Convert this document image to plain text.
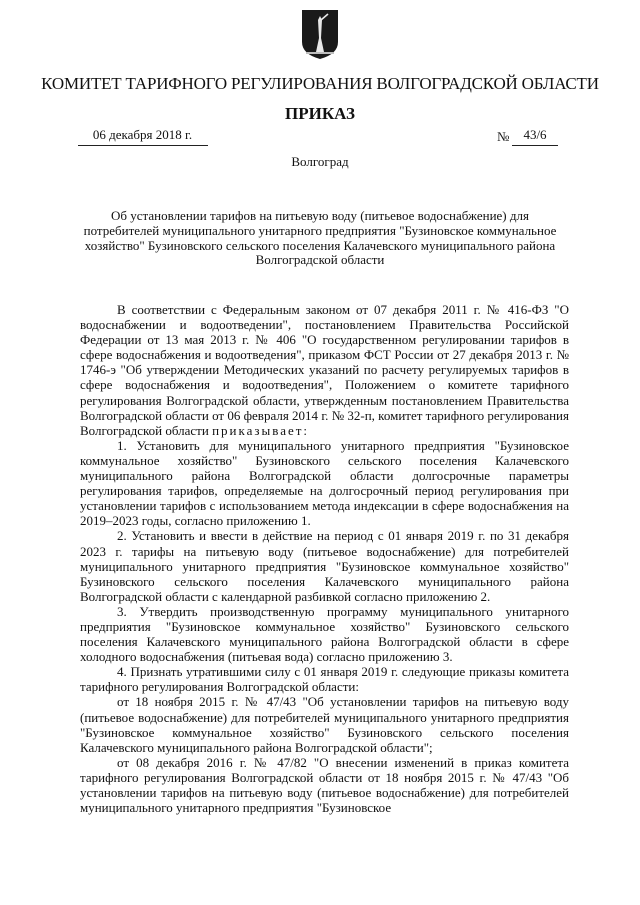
КОМИТЕТ ТАРИФНОГО РЕГУЛИРОВАНИЯ ВОЛГОГРАДСКОЙ ОБЛАСТИ
ПРИКАЗ
06 декабря 2018 г.	№	43/6
Волгоград
Об установлении тарифов на питьевую воду (питьевое водоснабжение) для потребителей муниципального унитарного предприятия "Бузиновское коммунальное хозяйство" Бузиновского сельского поселения Калачевского муниципального района Волгоградской области

В соответствии с Федеральным законом от 07 декабря 2011 г. № 416-ФЗ "О водоснабжении и водоотведении", постановлением Правительства Российской Федерации от 13 мая 2013 г. № 406 "О государственном регулировании тарифов в сфере водоснабжения и водоотведения", приказом ФСТ России от 27 декабря 2013 г. № 1746-э "Об утверждении Методических указаний по расчету регулируемых тарифов в сфере водоснабжения и водоотведения", Положением о комитете тарифного регулирования Волгоградской области, утвержденным постановлением Правительства Волгоградской области от 06 февраля 2014 г. № 32-п, комитет тарифного регулирования Волгоградской области приказывает:

1. Установить для муниципального унитарного предприятия "Бузиновское коммунальное хозяйство" Бузиновского сельского поселения Калачевского муниципального района Волгоградской области долгосрочные параметры регулирования тарифов, определяемые на долгосрочный период регулирования при установлении тарифов с использованием метода индексации в сфере водоснабжения на 2019–2023 годы, согласно приложению 1.

2. Установить и ввести в действие на период с 01 января 2019 г. по 31 декабря 2023 г. тарифы на питьевую воду (питьевое водоснабжение) для потребителей муниципального унитарного предприятия "Бузиновское коммунальное хозяйство" Бузиновского сельского поселения Калачевского муниципального района Волгоградской области с календарной разбивкой согласно приложению 2.

3. Утвердить производственную программу муниципального унитарного предприятия "Бузиновское коммунальное хозяйство" Бузиновского сельского поселения Калачевского муниципального района Волгоградской области в сфере холодного водоснабжения (питьевая вода) согласно приложению 3.

4. Признать утратившими силу с 01 января 2019 г. следующие приказы комитета тарифного регулирования Волгоградской области:

от 18 ноября 2015 г. № 47/43 "Об установлении тарифов на питьевую воду (питьевое водоснабжение) для потребителей муниципального унитарного предприятия "Бузиновское коммунальное хозяйство" Бузиновского сельского поселения Калачевского муниципального района Волгоградской области";

от 08 декабря 2016 г. № 47/82 "О внесении изменений в приказ комитета тарифного регулирования Волгоградской области от 18 ноября 2015 г. № 47/43 "Об установлении тарифов на питьевую воду (питьевое водоснабжение) для потребителей муниципального унитарного предприятия "Бузиновское
